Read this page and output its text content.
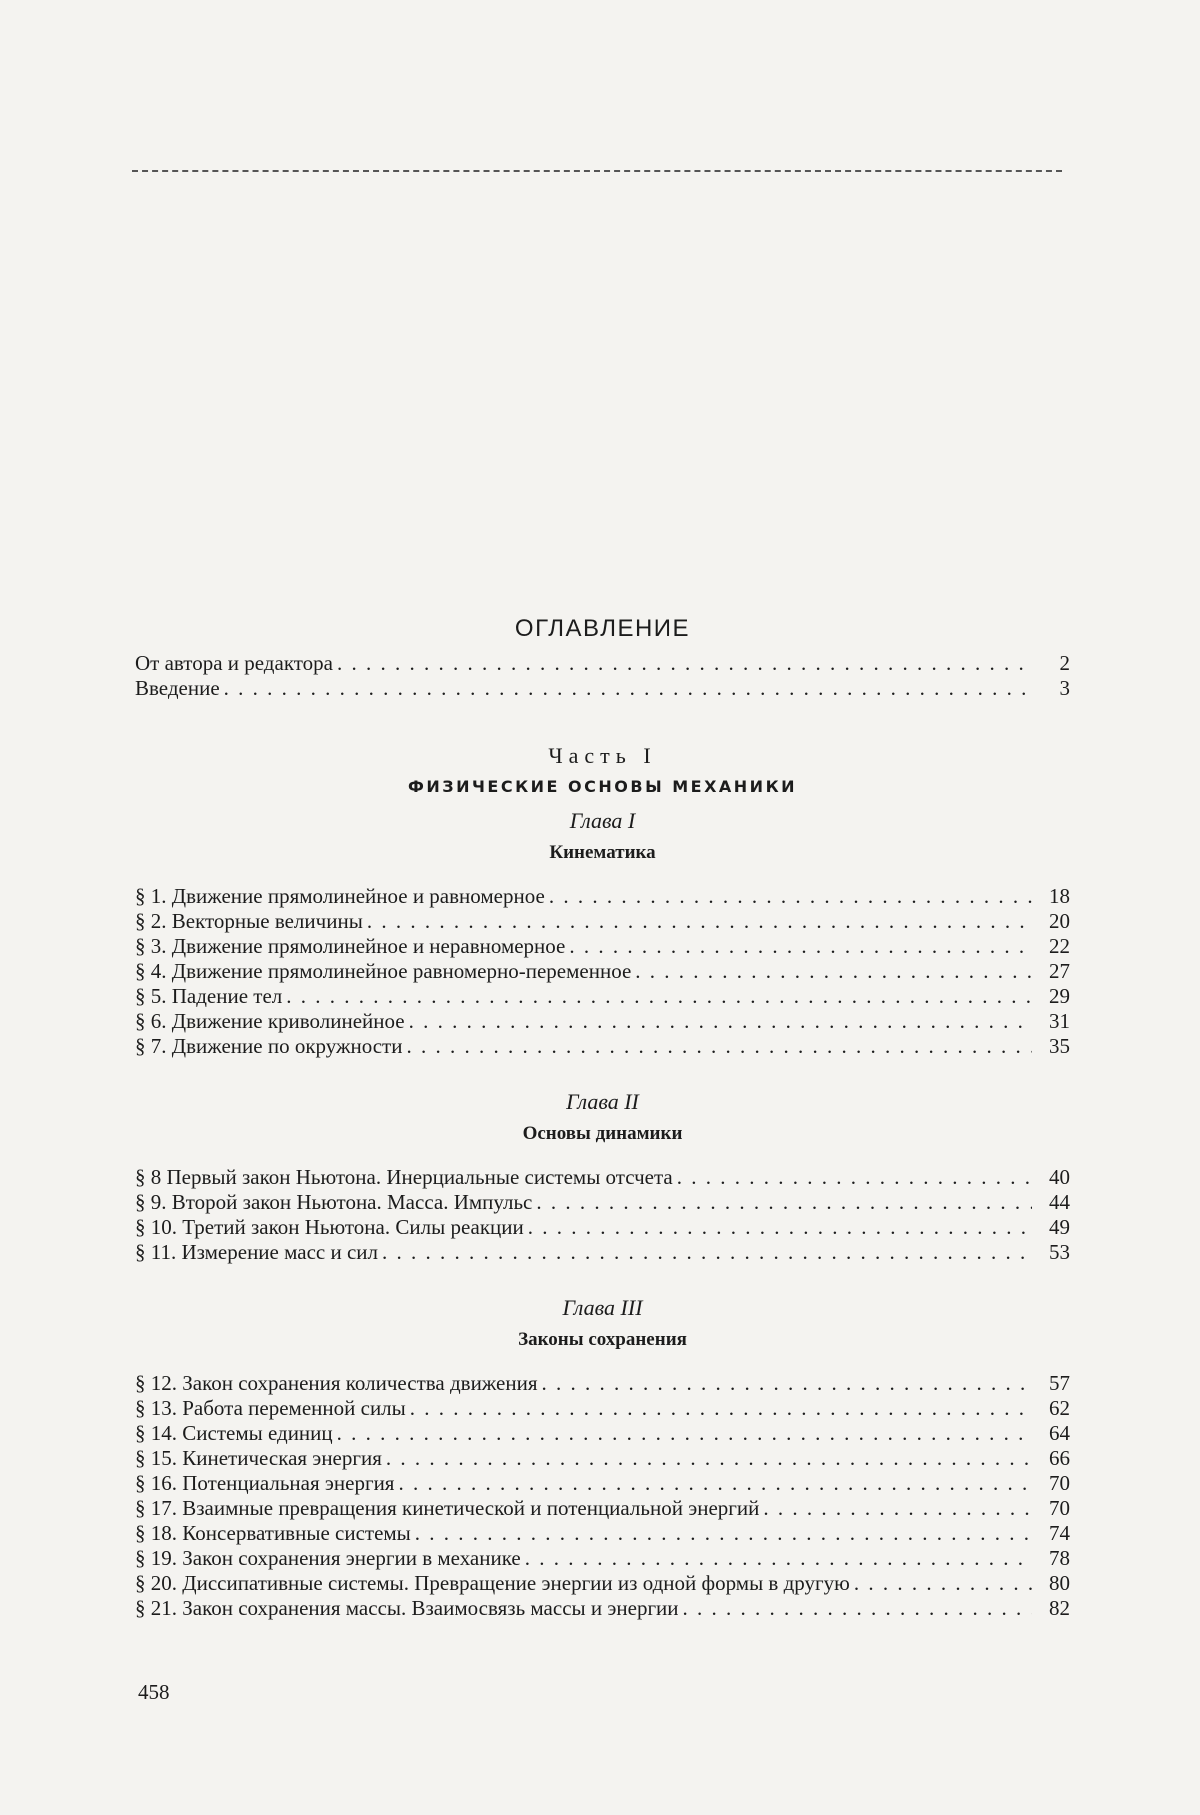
ОГЛАВЛЕНИЕ
От автора и редактора . . .	2
Введение . . .	3
Часть I
ФИЗИЧЕСКИЕ ОСНОВЫ МЕХАНИКИ
Глава I
Кинематика
§ 1. Движение прямолинейное и равномерное . . .	18
§ 2. Векторные величины . . .	20
§ 3. Движение прямолинейное и неравномерное . . .	22
§ 4. Движение прямолинейное равномерно-переменное . . .	27
§ 5. Падение тел . . .	29
§ 6. Движение криволинейное . . .	31
§ 7. Движение по окружности . . .	35
Глава II
Основы динамики
§ 8 Первый закон Ньютона. Инерциальные системы отсчета . . .	40
§ 9. Второй закон Ньютона. Масса. Импульс . . .	44
§ 10. Третий закон Ньютона. Силы реакции . . .	49
§ 11. Измерение масс и сил . . .	53
Глава III
Законы сохранения
§ 12. Закон сохранения количества движения . . .	57
§ 13. Работа переменной силы . . .	62
§ 14. Системы единиц . . .	64
§ 15. Кинетическая энергия . . .	66
§ 16. Потенциальная энергия . . .	70
§ 17. Взаимные превращения кинетической и потенциальной энергий . . .	70
§ 18. Консервативные системы . . .	74
§ 19. Закон сохранения энергии в механике . . .	78
§ 20. Диссипативные системы. Превращение энергии из одной формы в другую . . .	80
§ 21. Закон сохранения массы. Взаимосвязь массы и энергии . . .	82
458
